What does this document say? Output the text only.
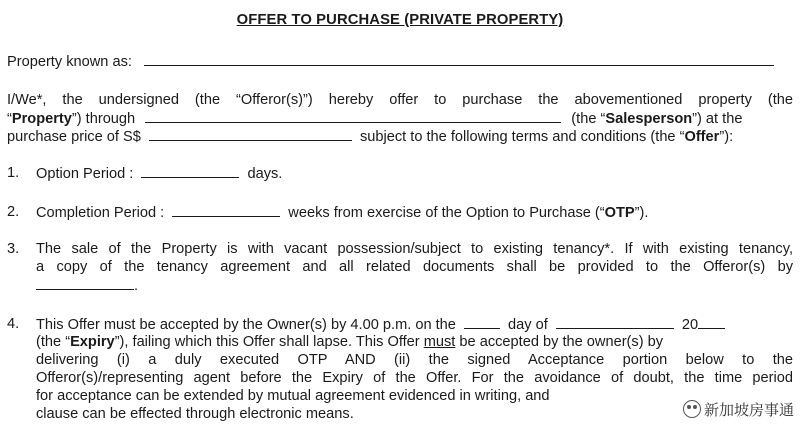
OFFER TO PURCHASE (PRIVATE PROPERTY)
Property known as:
I/We*, the undersigned (the “Offeror(s)”) hereby offer to purchase the abovementioned property (the
“Property”) through	(the “Salesperson”) at the
purchase price of S$	subject to the following terms and conditions (the “Offer”):
1. Option Period :	days.
2. Completion Period :	weeks from exercise of the Option to Purchase (“OTP”).
3.	The sale of the Property is with vacant possession/subject to existing tenancy*. If with existing tenancy,
a copy of the tenancy agreement and all related documents shall be provided to the Offeror(s) by
.
4.	This Offer must be accepted by the Owner(s) by 4.00 p.m. on the	day of	20
(the “Expiry”), failing which this Offer shall lapse. This Offer must be accepted by the owner(s) by
delivering (i) a duly executed OTP AND (ii) the signed Acceptance portion below to the
Offeror(s)/representing agent before the Expiry of the Offer. For the avoidance of doubt, the time period
for acceptance can be extended by mutual agreement evidenced in writing, and
clause can be effected through electronic means.	新加坡房事通
